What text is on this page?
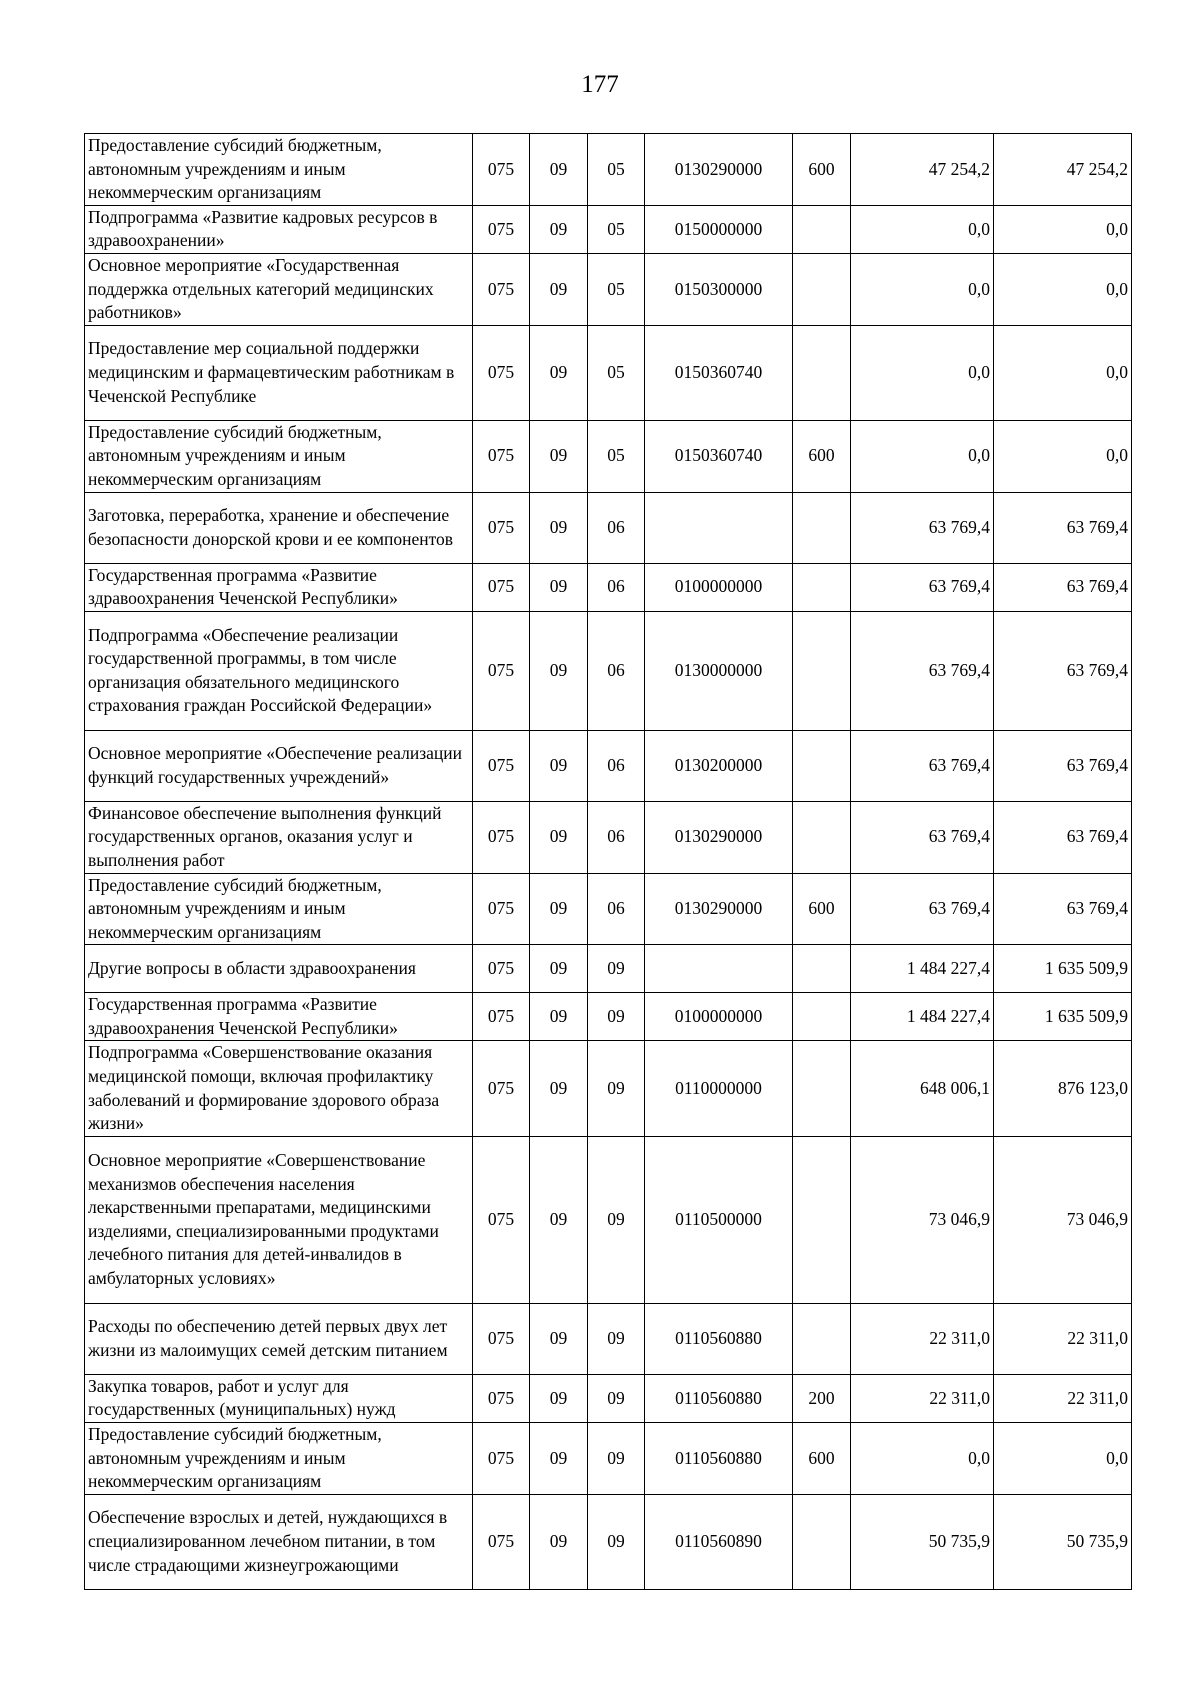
177
Предоставление субсидий бюджетным, автономным учреждениям и иным некоммерческим организациям	075	09	05	0130290000	600	47 254,2	47 254,2
Подпрограмма «Развитие кадровых ресурсов в здравоохранении»	075	09	05	0150000000		0,0	0,0
Основное мероприятие «Государственная поддержка отдельных категорий медицинских работников»	075	09	05	0150300000		0,0	0,0
Предоставление мер социальной поддержки медицинским и фармацевтическим работникам в Чеченской Республике	075	09	05	0150360740		0,0	0,0
Предоставление субсидий бюджетным, автономным учреждениям и иным некоммерческим организациям	075	09	05	0150360740	600	0,0	0,0
Заготовка, переработка, хранение и обеспечение безопасности донорской крови и ее компонентов	075	09	06			63 769,4	63 769,4
Государственная программа «Развитие здравоохранения Чеченской Республики»	075	09	06	0100000000		63 769,4	63 769,4
Подпрограмма «Обеспечение реализации государственной программы, в том числе организация обязательного медицинского страхования граждан Российской Федерации»	075	09	06	0130000000		63 769,4	63 769,4
Основное мероприятие «Обеспечение реализации функций государственных учреждений»	075	09	06	0130200000		63 769,4	63 769,4
Финансовое обеспечение выполнения функций государственных органов, оказания услуг и выполнения работ	075	09	06	0130290000		63 769,4	63 769,4
Предоставление субсидий бюджетным, автономным учреждениям и иным некоммерческим организациям	075	09	06	0130290000	600	63 769,4	63 769,4
Другие вопросы в области здравоохранения	075	09	09			1 484 227,4	1 635 509,9
Государственная программа «Развитие здравоохранения Чеченской Республики»	075	09	09	0100000000		1 484 227,4	1 635 509,9
Подпрограмма «Совершенствование оказания медицинской помощи, включая профилактику заболеваний и формирование здорового образа жизни»	075	09	09	0110000000		648 006,1	876 123,0
Основное мероприятие «Совершенствование механизмов обеспечения населения лекарственными препаратами, медицинскими изделиями, специализированными продуктами лечебного питания для детей-инвалидов в амбулаторных условиях»	075	09	09	0110500000		73 046,9	73 046,9
Расходы по обеспечению детей первых двух лет жизни из малоимущих семей детским питанием	075	09	09	0110560880		22 311,0	22 311,0
Закупка товаров, работ и услуг для государственных (муниципальных) нужд	075	09	09	0110560880	200	22 311,0	22 311,0
Предоставление субсидий бюджетным, автономным учреждениям и иным некоммерческим организациям	075	09	09	0110560880	600	0,0	0,0
Обеспечение взрослых и детей, нуждающихся в специализированном лечебном питании, в том числе страдающими жизнеугрожающими	075	09	09	0110560890		50 735,9	50 735,9
